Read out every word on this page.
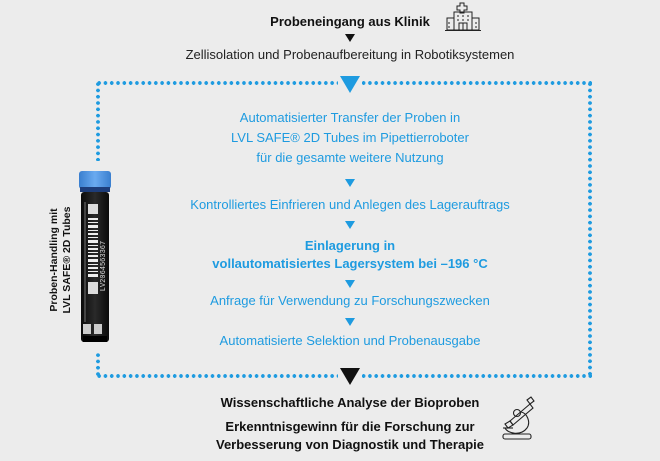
Probeneingang aus Klinik
Zellisolation und Probenaufbereitung in Robotiksystemen
Automatisierter Transfer der Proben in
LVL SAFE® 2D Tubes im Pipettierroboter
für die gesamte weitere Nutzung
Kontrolliertes Einfrieren und Anlegen des Lagerauftrags
Einlagerung in
vollautomatisiertes Lagersystem bei –196 °C
Anfrage für Verwendung zu Forschungszwecken
Automatisierte Selektion und Probenausgabe
Proben-Handling mit LVL SAFE® 2D Tubes	LV2064563367
Wissenschaftliche Analyse der Bioproben
Erkenntnisgewinn für die Forschung zur
Verbesserung von Diagnostik und Therapie
